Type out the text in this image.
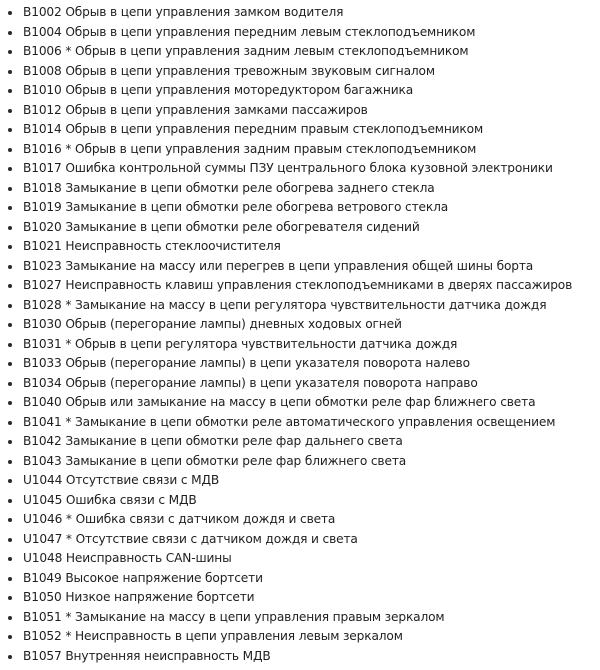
B1002 Обрыв в цепи управления замком водителя
B1004 Обрыв в цепи управления передним левым стеклоподъемником
B1006 * Обрыв в цепи управления задним левым стеклоподъемником
B1008 Обрыв в цепи управления тревожным звуковым сигналом
B1010 Обрыв в цепи управления моторедуктором багажника
B1012 Обрыв в цепи управления замками пассажиров
B1014 Обрыв в цепи управления передним правым стеклоподъемником
B1016 * Обрыв в цепи управления задним правым стеклоподъемником
B1017 Ошибка контрольной суммы ПЗУ центрального блока кузовной электроники
B1018 Замыкание в цепи обмотки реле обогрева заднего стекла
B1019 Замыкание в цепи обмотки реле обогрева ветрового стекла
B1020 Замыкание в цепи обмотки реле обогревателя сидений
B1021 Неисправность стеклоочистителя
B1023 Замыкание на массу или перегрев в цепи управления общей шины борта
B1027 Неисправность клавиш управления стеклоподъемниками в дверях пассажиров
B1028 * Замыкание на массу в цепи регулятора чувствительности датчика дождя
B1030 Обрыв (перегорание лампы) дневных ходовых огней
B1031 * Обрыв в цепи регулятора чувствительности датчика дождя
B1033 Обрыв (перегорание лампы) в цепи указателя поворота налево
B1034 Обрыв (перегорание лампы) в цепи указателя поворота направо
B1040 Обрыв или замыкание на массу в цепи обмотки реле фар ближнего света
B1041 * Замыкание в цепи обмотки реле автоматического управления освещением
B1042 Замыкание в цепи обмотки реле фар дальнего света
B1043 Замыкание в цепи обмотки реле фар ближнего света
U1044 Отсутствие связи с МДВ
U1045 Ошибка связи с МДВ
U1046 * Ошибка связи с датчиком дождя и света
U1047 * Отсутствие связи с датчиком дождя и света
U1048 Неисправность CAN-шины
B1049 Высокое напряжение бортсети
B1050 Низкое напряжение бортсети
B1051 * Замыкание на массу в цепи управления правым зеркалом
B1052 * Неисправность в цепи управления левым зеркалом
B1057 Внутренняя неисправность МДВ
